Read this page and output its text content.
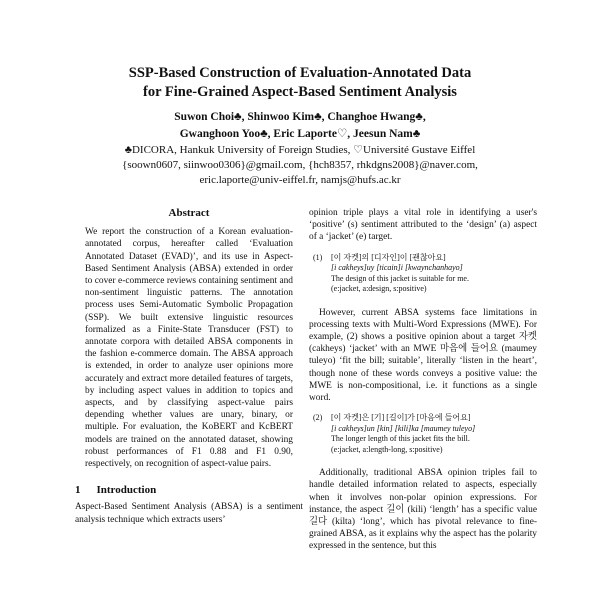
SSP-Based Construction of Evaluation-Annotated Data
for Fine-Grained Aspect-Based Sentiment Analysis
Suwon Choi♣, Shinwoo Kim♣, Changhoe Hwang♣,
Gwanghoon Yoo♣, Eric Laporte♡, Jeesun Nam♣
♣DICORA, Hankuk University of Foreign Studies, ♡Université Gustave Eiffel
{soown0607, siinwoo0306}@gmail.com, {hch8357, rhkdgns2008}@naver.com,
eric.laporte@univ-eiffel.fr, namjs@hufs.ac.kr
Abstract

We report the construction of a Korean evaluation-annotated corpus, hereafter called ‘Evaluation Annotated Dataset (EVAD)’, and its use in Aspect-Based Sentiment Analysis (ABSA) extended in order to cover e-commerce reviews containing sentiment and non-sentiment linguistic patterns. The annotation process uses Semi-Automatic Symbolic Propagation (SSP). We built extensive linguistic resources formalized as a Finite-State Transducer (FST) to annotate corpora with detailed ABSA components in the fashion e-commerce domain. The ABSA approach is extended, in order to analyze user opinions more accurately and extract more detailed features of targets, by including aspect values in addition to topics and aspects, and by classifying aspect-value pairs depending whether values are unary, binary, or multiple. For evaluation, the KoBERT and KcBERT models are trained on the annotated dataset, showing robust performances of F1 0.88 and F1 0.90, respectively, on recognition of aspect-value pairs.

1 Introduction

Aspect-Based Sentiment Analysis (ABSA) is a sentiment analysis technique which extracts users’

opinion triple plays a vital role in identifying a user's ‘positive’ (s) sentiment attributed to the ‘design’ (a) aspect of a ‘jacket’ (e) target.

(1)	[이 자켓]의 [디자인]이 [괜찮아요]
[i cakheys]uy [ticain]i [kwaynchanhayo]
The design of this jacket is suitable for me.
(e:jacket, a:design, s:positive)

However, current ABSA systems face limitations in processing texts with Multi-Word Expressions (MWE). For example, (2) shows a positive opinion about a target 자켓 (cakheys) ‘jacket’ with an MWE 마음에 들어요 (maumey tuleyo) ‘fit the bill; suitable’, literally ‘listen in the heart’, though none of these words conveys a positive value: the MWE is non-compositional, i.e. it functions as a single word.

(2)	[이 자켓]은 [기] [길이]가 [마음에 들어요]
[i cakheys]un [kin] [kili]ka [maumey tuleyo]
The longer length of this jacket fits the bill.
(e:jacket, a:length-long, s:positive)

Additionally, traditional ABSA opinion triples fail to handle detailed information related to aspects, especially when it involves non-polar opinion expressions. For instance, the aspect 길이 (kili) ‘length’ has a specific value 길다 (kilta) ‘long’, which has pivotal relevance to fine-grained ABSA, as it explains why the aspect has the polarity expressed in the sentence, but this
